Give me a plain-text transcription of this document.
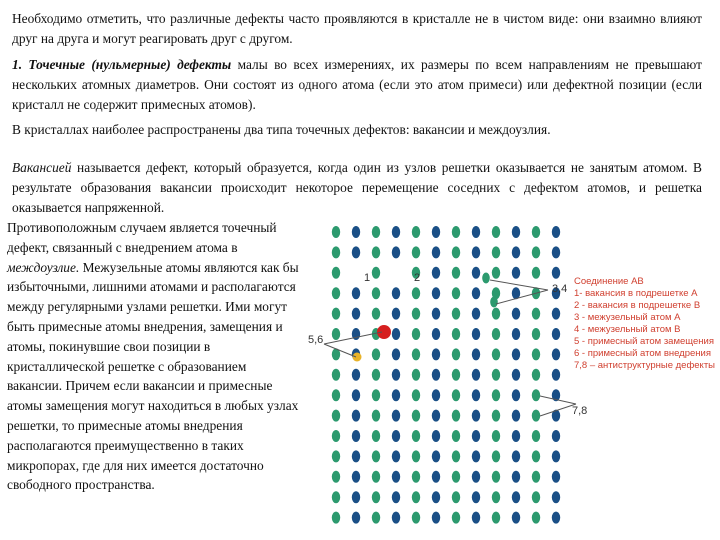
Необходимо отметить, что различные дефекты часто проявляются в кристалле не в чистом виде: они взаимно влияют друг на друга и могут реагировать друг с другом.
1. Точечные (нульмерные) дефекты малы во всех измерениях, их размеры по всем направлениям не превышают нескольких атомных диаметров. Они состоят из одного атома (если это атом примеси) или дефектной позиции (если кристалл не содержит примесных атомов).
В кристаллах наиболее распространены два типа точечных дефектов: вакансии и междоузлия.
Вакансией называется дефект, который образуется, когда один из узлов решетки оказывается не занятым атомом. В результате образования вакансии происходит некоторое перемещение соседних с дефектом атомов, и решетка оказывается напряженной.
Противоположным случаем является точечный дефект, связанный с внедрением атома в междоузлие. Межузельные атомы являются как бы избыточными, лишними атомами и располагаются между регулярными узлами решетки. Ими могут быть примесные атомы внедрения, замещения и атомы, покинувшие свои позиции в кристаллической решетке с образованием вакансии. Причем если вакансии и примесные атомы замещения могут находиться в любых узлах решетки, то примесные атомы внедрения располагаются преимущественно в таких микропорах, где для них имеется достаточно свободного пространства.
1	2
3,4
5,6
7,8
Соединение АВ
1- вакансия в подрешетке А
2 - вакансия в подрешетке В
3 - межузельный атом А
4 - межузельный атом В
5 - примесный атом замещения
6 - примесный атом внедрения
7,8 – антиструктурные дефекты
